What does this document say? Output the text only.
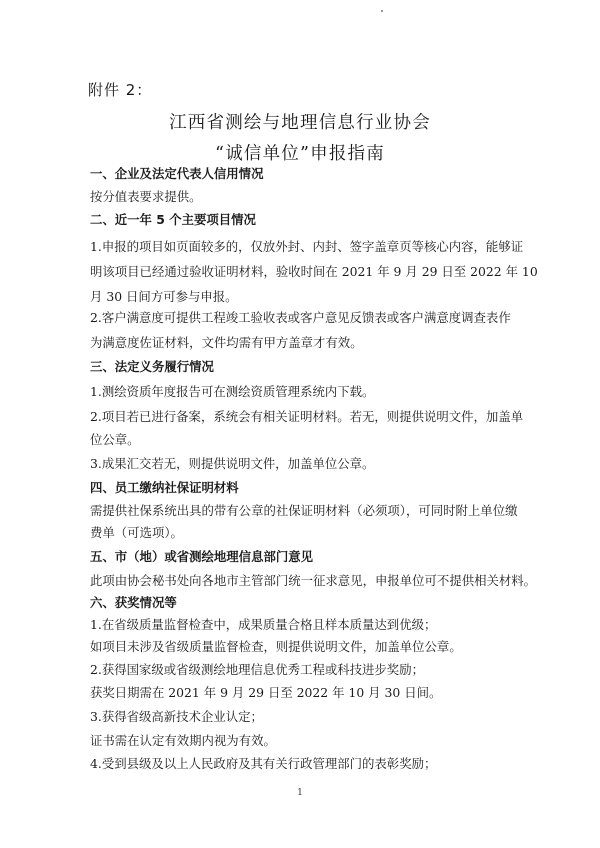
附件 2：
江西省测绘与地理信息行业协会
“诚信单位”申报指南
一、企业及法定代表人信用情况
按分值表要求提供。
二、近一年 5 个主要项目情况
1.申报的项目如页面较多的，仅放外封、内封、签字盖章页等核心内容，能够证
明该项目已经通过验收证明材料，验收时间在 2021 年 9 月 29 日至 2022 年 10
月 30 日间方可参与申报。
2.客户满意度可提供工程竣工验收表或客户意见反馈表或客户满意度调查表作
为满意度佐证材料，文件均需有甲方盖章才有效。
三、法定义务履行情况
1.测绘资质年度报告可在测绘资质管理系统内下载。
2.项目若已进行备案，系统会有相关证明材料。若无，则提供说明文件，加盖单
位公章。
3.成果汇交若无，则提供说明文件，加盖单位公章。
四、员工缴纳社保证明材料
需提供社保系统出具的带有公章的社保证明材料（必须项），可同时附上单位缴
费单（可选项）。
五、市（地）或省测绘地理信息部门意见
此项由协会秘书处向各地市主管部门统一征求意见，申报单位可不提供相关材料。
六、获奖情况等
1.在省级质量监督检查中，成果质量合格且样本质量达到优级；
如项目未涉及省级质量监督检查，则提供说明文件，加盖单位公章。
2.获得国家级或省级测绘地理信息优秀工程或科技进步奖励；
获奖日期需在 2021 年 9 月 29 日至 2022 年 10 月 30 日间。
3.获得省级高新技术企业认定；
证书需在认定有效期内视为有效。
4.受到县级及以上人民政府及其有关行政管理部门的表彰奖励；
1
